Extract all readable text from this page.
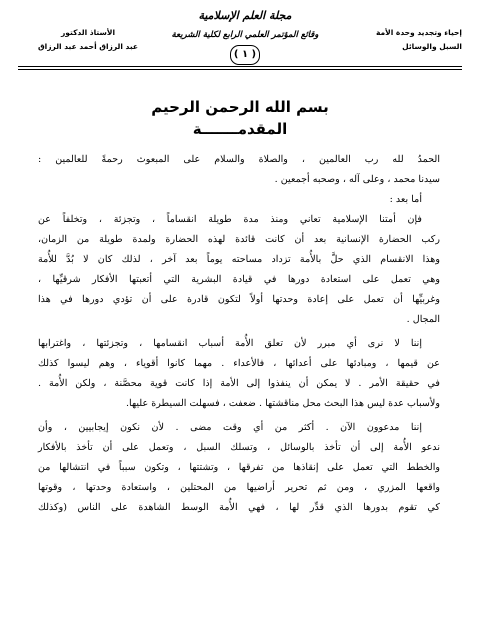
إحياء وتجديد وحدة الأمة
السبل والوسائل
مجلة العلم الإسلامية
وقائع المؤتمر العلمي الرابع لكلية الشريعة
( ١ )
الأستاذ الدكتور
عبد الرزاق أحمد عبد الرزاق
بسم الله الرحمن الرحيم
المقدمـــــــة
الحمدُ لله رب العالمين ، والصلاة والسلام على المبعوث رحمةً للعالمين :
سيدنا محمد ، وعلى آله ، وصحبه أجمعين .
أما بعد :
فإن أمتنا الإسلامية تعاني ومنذ مدة طويلة انقساماً ، وتجزئة ، وتخلفاً عن
ركب الحضارة الإنسانية بعد أن كانت قائدة لهذه الحضارة ولمدة طويلة من الزمان،
وهذا الانقسام الذي حلَّ بالأُمة تزداد مساحته يوماً بعد آخر ، لذلك كان لا بُدَّ للأُمة
وهي تعمل على استعادة دورها في قيادة البشرية التي أتعبتها الأفكار شرقيِّها ،
وغربيِّها أن تعمل على إعادة وحدتها أولاً لتكون قادرة على أن تؤدي دورها في هذا
المجال .
إننا لا نرى أي مبرر لأن تعلق الأُمة أسباب انقسامها ، وتجزئتها ، واغترابها
عن قيمها ، ومبادئها على أعدائها ، فالأعداء . مهما كانوا أقوياء ، وهم ليسوا كذلك
في حقيقة الأمر . لا يمكن أن ينفذوا إلى الأمة إذا كانت قوية محصَّنة ، ولكن الأُمة .
ولأسباب عدة ليس هذا البحث محل مناقشتها . ضعفت ، فسهلت السيطرة عليها.
إننا مدعوون الآن . أكثر من أي وقت مضى . لأن نكون إيجابيين ، وأن
ندعو الأُمة إلى أن تأخذ بالوسائل ، وتسلك السبل ، وتعمل على أن تأخذ بالأفكار
والخطط التي تعمل على إنقاذها من تفرقها ، وتشتتها ، وتكون سبباً في انتشالها من
واقعها المزري ، ومن ثم تحرير أراضيها من المحتلين ، واستعادة وحدتها ، وقوتها
كي تقوم بدورها الذي قدِّر لها ، فهي الأُمة الوسط الشاهدة على الناس (وكذلك
